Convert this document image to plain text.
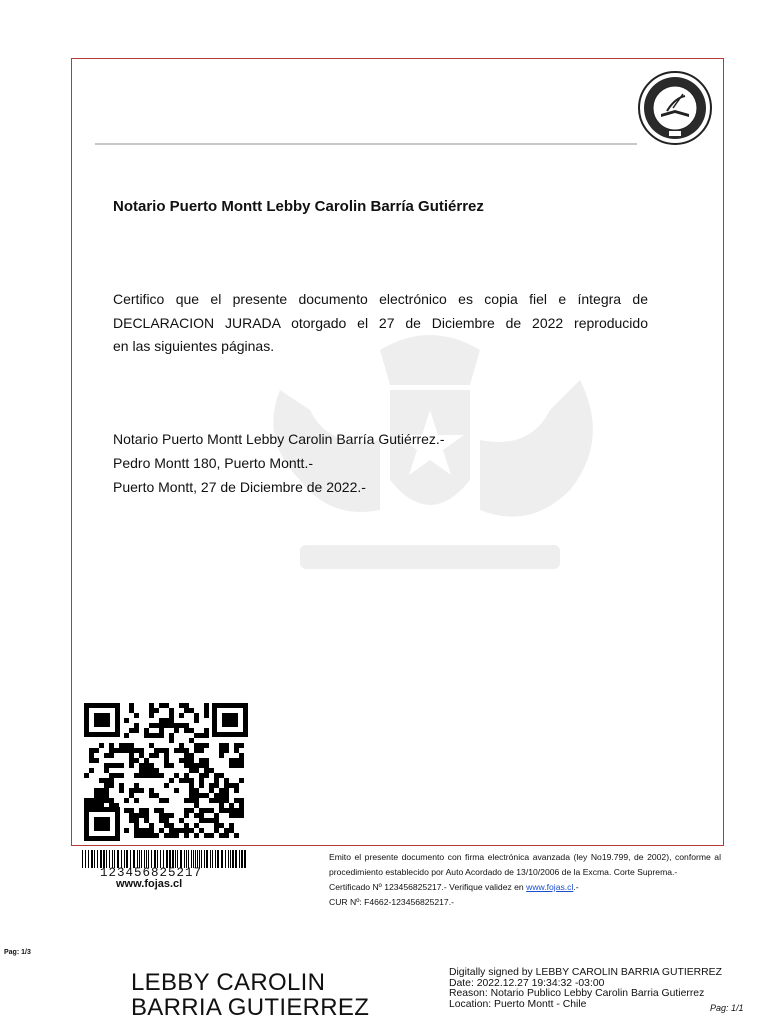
Notario Puerto Montt Lebby Carolin Barría Gutiérrez
Certifico que el presente documento electrónico es copia fiel e íntegra de
DECLARACION JURADA otorgado el 27 de Diciembre de 2022 reproducido
en las siguientes páginas.
Notario Puerto Montt Lebby Carolin Barría Gutiérrez.-
Pedro Montt 180, Puerto Montt.-
Puerto Montt, 27 de Diciembre de 2022.-
123456825217
www.fojas.cl
Emito el presente documento con firma electrónica avanzada (ley No19.799, de 2002), conforme al procedimiento establecido por Auto Acordado de 13/10/2006 de la Excma. Corte Suprema.-
Certificado Nº 123456825217.- Verifique validez en www.fojas.cl.-
CUR Nº: F4662-123456825217.-
Pag: 1/3
LEBBY CAROLIN
BARRIA GUTIERREZ
Digitally signed by LEBBY CAROLIN BARRIA GUTIERREZ
Date: 2022.12.27 19:34:32 -03:00
Reason: Notario Publico Lebby Carolin Barria Gutierrez
Location: Puerto Montt - Chile	Pag: 1/1
